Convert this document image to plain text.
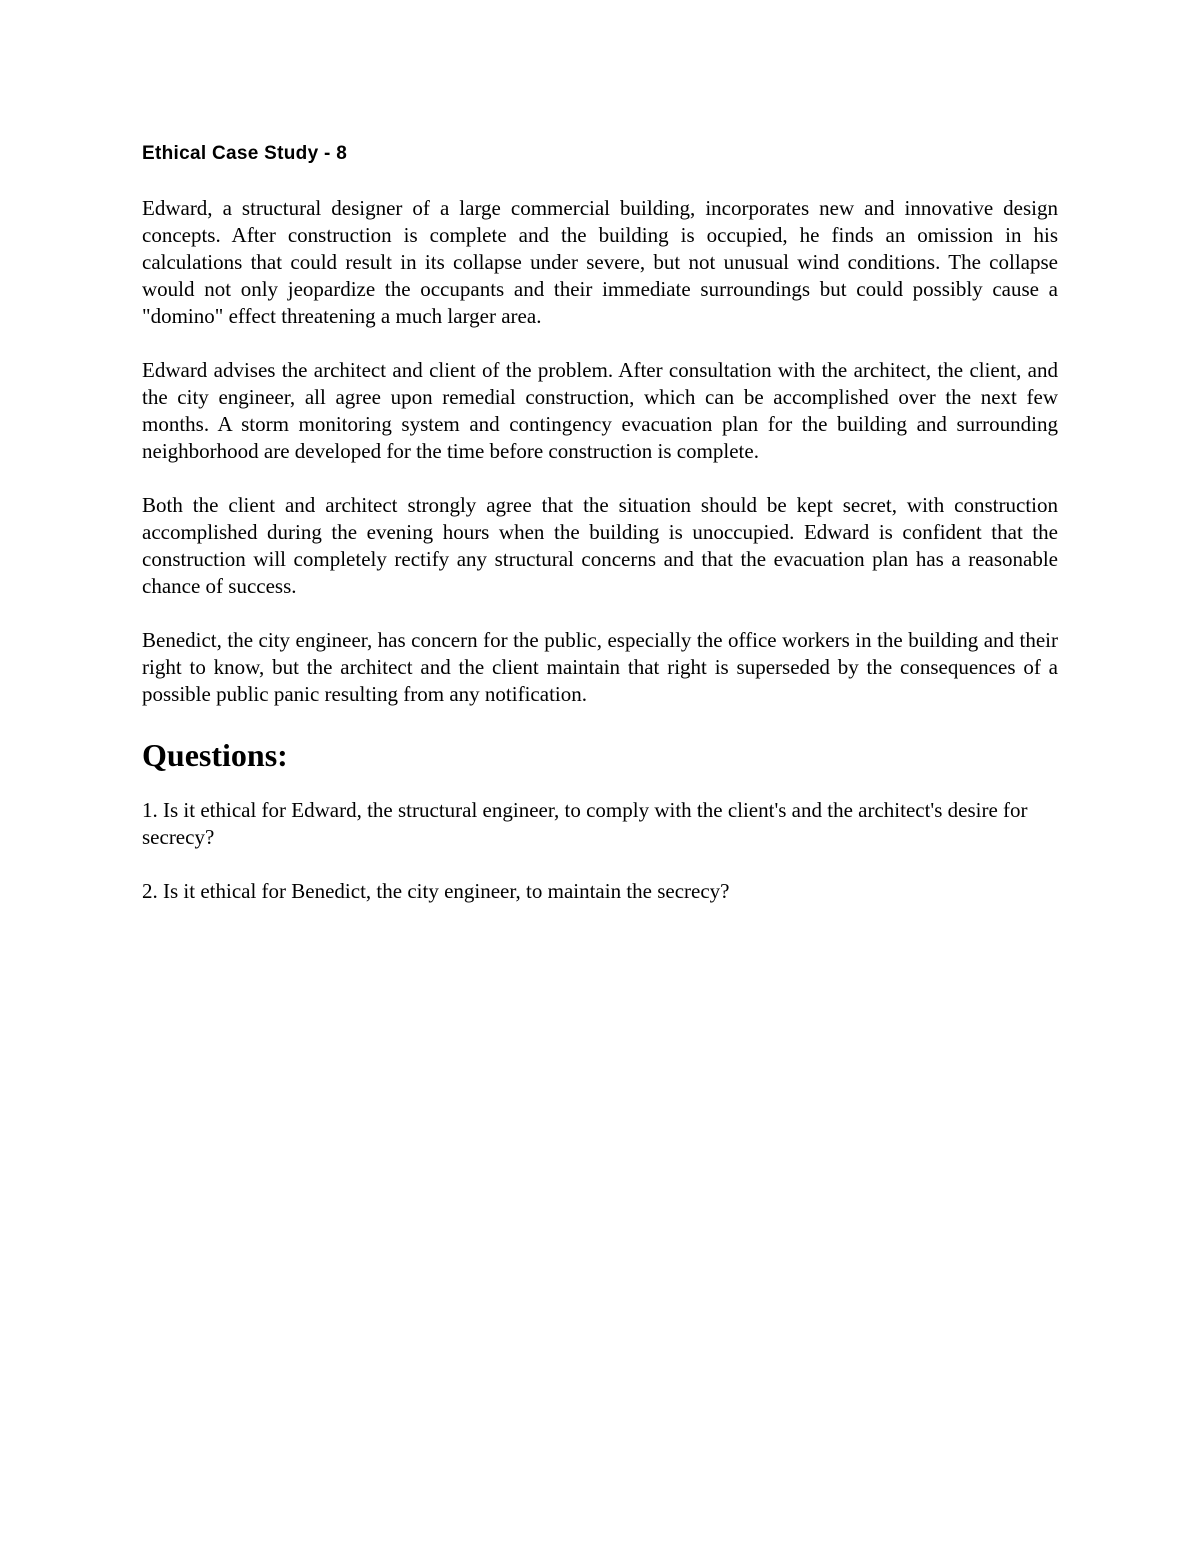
Ethical Case Study - 8

Edward, a structural designer of a large commercial building, incorporates new and innovative design concepts. After construction is complete and the building is occupied, he finds an omission in his calculations that could result in its collapse under severe, but not unusual wind conditions. The collapse would not only jeopardize the occupants and their immediate surroundings but could possibly cause a "domino" effect threatening a much larger area.

Edward advises the architect and client of the problem. After consultation with the architect, the client, and the city engineer, all agree upon remedial construction, which can be accomplished over the next few months. A storm monitoring system and contingency evacuation plan for the building and surrounding neighborhood are developed for the time before construction is complete.

Both the client and architect strongly agree that the situation should be kept secret, with construction accomplished during the evening hours when the building is unoccupied. Edward is confident that the construction will completely rectify any structural concerns and that the evacuation plan has a reasonable chance of success.

Benedict, the city engineer, has concern for the public, especially the office workers in the building and their right to know, but the architect and the client maintain that right is superseded by the consequences of a possible public panic resulting from any notification.

Questions:

1. Is it ethical for Edward, the structural engineer, to comply with the client's and the architect's desire for secrecy?

2. Is it ethical for Benedict, the city engineer, to maintain the secrecy?
